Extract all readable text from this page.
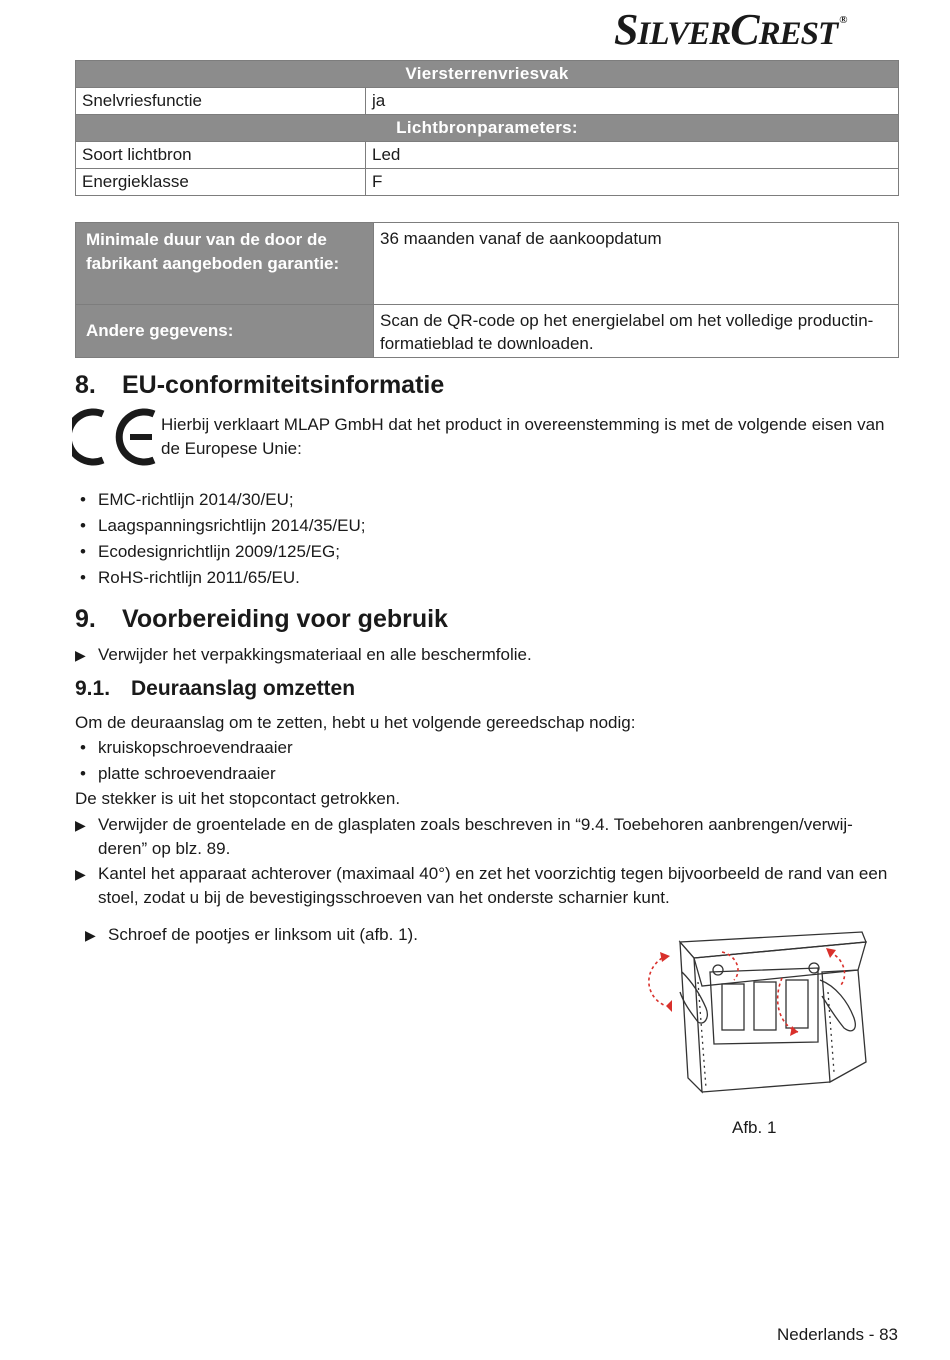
SILVERCREST ®
Viersterrenvriesvak	
Snelvriesfunctie	ja
Lichtbronparameters:	
Soort lichtbron	Led
Energieklasse	F
Minimale duur van de door de fabrikant aangeboden garantie:	36 maanden vanaf de aankoopdatum
Andere gegevens:	Scan de QR-code op het energielabel om het volledige productin-formatieblad te downloaden.
8. EU-conformiteitsinformatie

Hierbij verklaart MLAP GmbH dat het product in overeenstemming is met de volgende eisen van de Europese Unie:

• EMC-richtlijn 2014/30/EU;
• Laagspanningsrichtlijn 2014/35/EU;
• Ecodesignrichtlijn 2009/125/EG;
• RoHS-richtlijn 2011/65/EU.
9. Voorbereiding voor gebruik
▶ Verwijder het verpakkingsmateriaal en alle beschermfolie.
9.1. Deuraanslag omzetten

Om de deuraanslag om te zetten, hebt u het volgende gereedschap nodig:

• kruiskopschroevendraaier
• platte schroevendraaier

De stekker is uit het stopcontact getrokken.

▶ Verwijder de groentelade en de glasplaten zoals beschreven in “9.4. Toebehoren aanbrengen/verwij-deren” op blz. 89.
▶ Kantel het apparaat achterover (maximaal 40°) en zet het voorzichtig tegen bijvoorbeeld de rand van een stoel, zodat u bij de bevestigingsschroeven van het onderste scharnier kunt.
▶ Schroef de pootjes er linksom uit (afb. 1).

Afb. 1

Nederlands - 83
